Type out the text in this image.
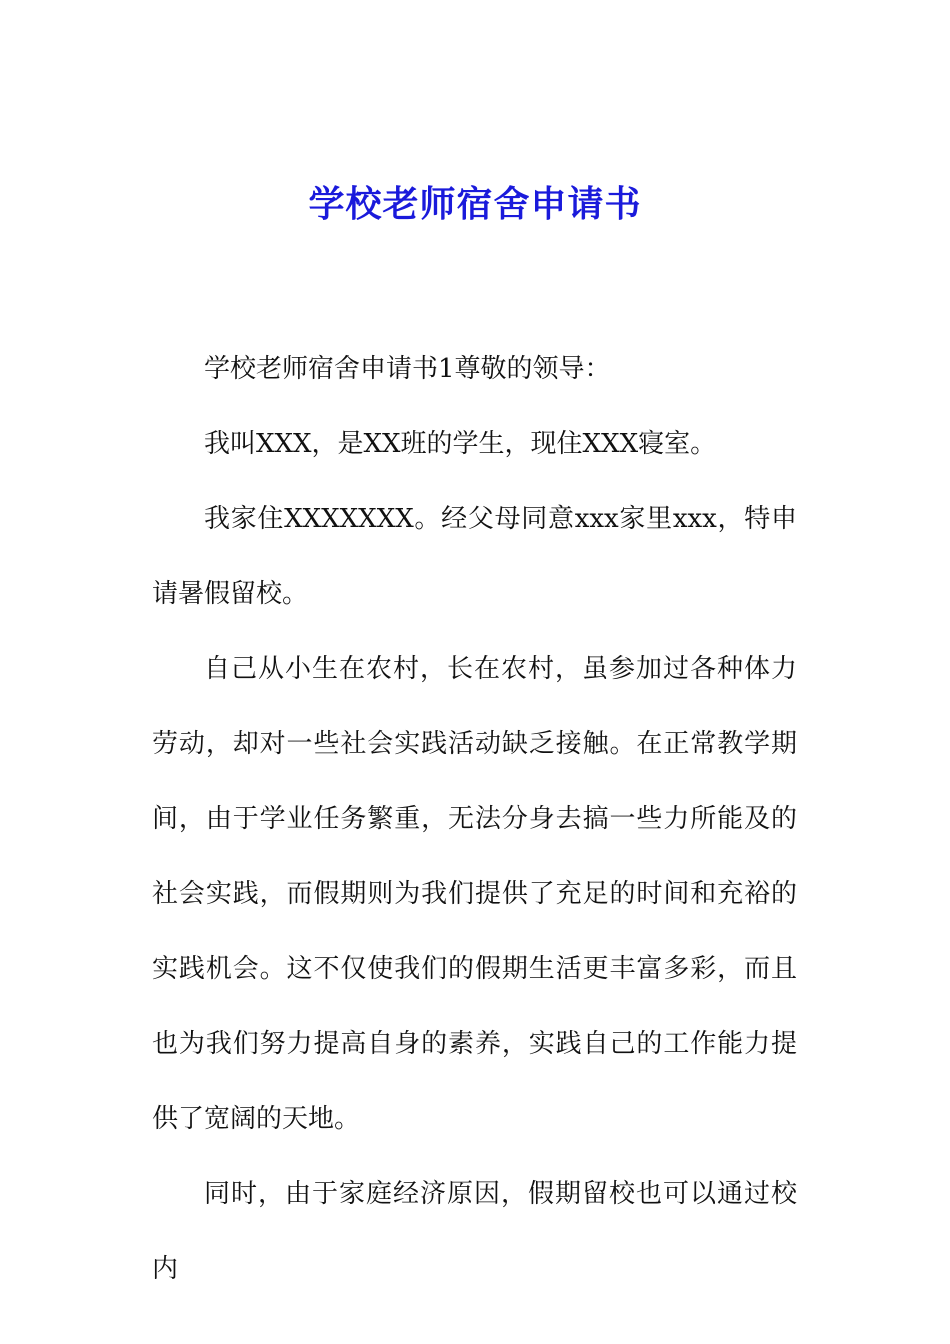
学校老师宿舍申请书

学校老师宿舍申请书1尊敬的领导：

我叫XXX，是XX班的学生，现住XXX寝室。

我家住XXXXXXX。经父母同意xxx家里xxx，特申请暑假留校。

自己从小生在农村，长在农村，虽参加过各种体力劳动，却对一些社会实践活动缺乏接触。在正常教学期间，由于学业任务繁重，无法分身去搞一些力所能及的社会实践，而假期则为我们提供了充足的时间和充裕的实践机会。这不仅使我们的假期生活更丰富多彩，而且也为我们努力提高自身的素养，实践自己的工作能力提供了宽阔的天地。

同时，由于家庭经济原因，假期留校也可以通过校内
